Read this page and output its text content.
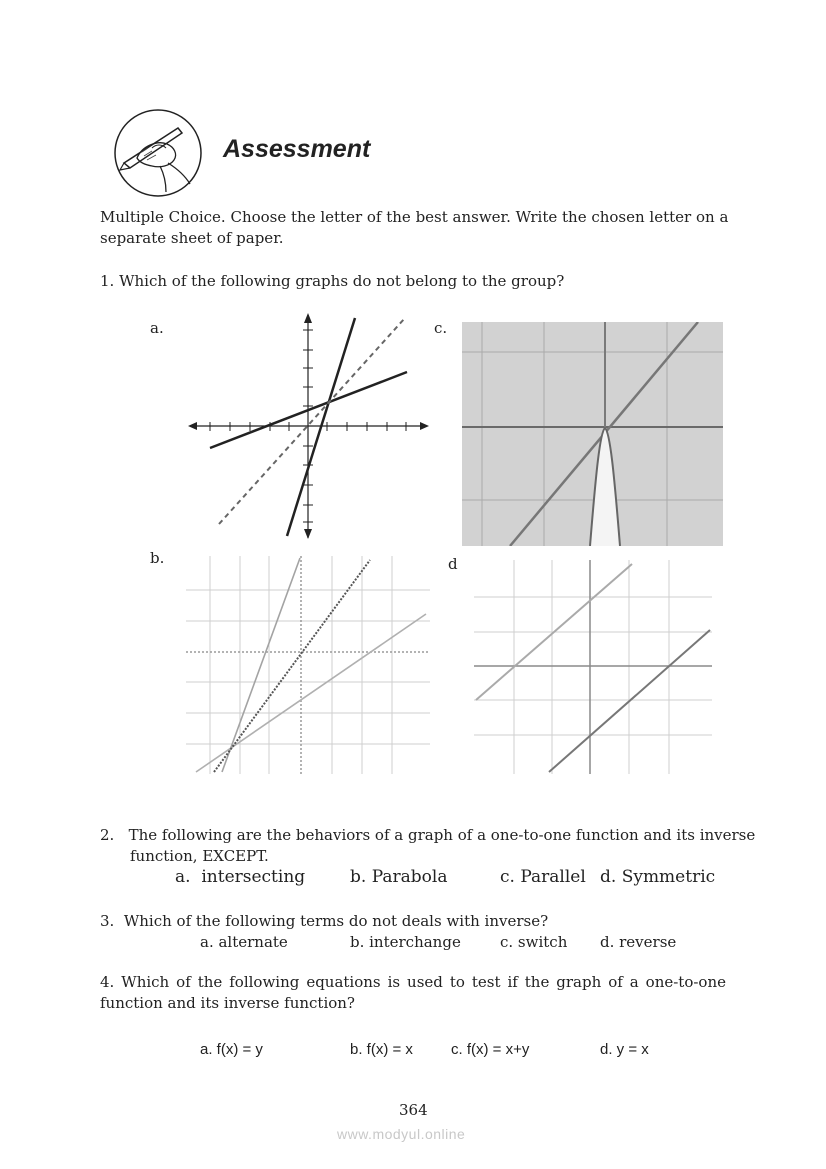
Assessment
Multiple Choice. Choose the letter of the best answer. Write the chosen letter on a
separate sheet of paper.
1. Which of the following graphs do not belong to the group?
a.	c.
b.	d
2.   The following are the behaviors of a graph of a one-to-one function and its inverse
function, EXCEPT.
a.  intersecting	b. Parabola	c. Parallel d. Symmetric
3.  Which of the following terms do not deals with inverse?
a. alternate	b. interchange	c. switch d. reverse
4. Which of the following equations is used to test if the graph of a one-to-one
function and its inverse function?
a. f(x) = y	b. f(x) = x	c. f(x) = x+y	d. y = x
364
www.modyul.online
